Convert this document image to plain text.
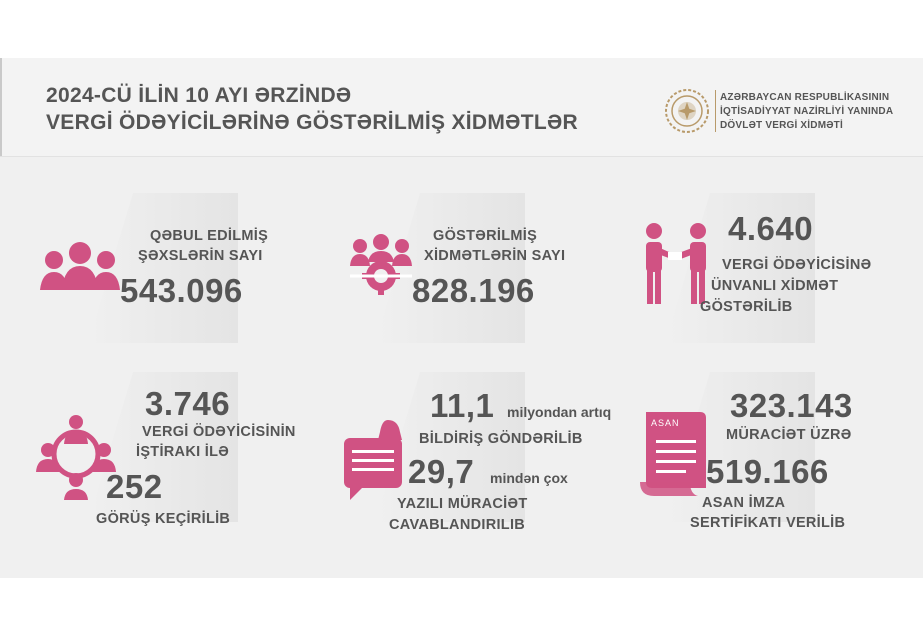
2024-CÜ İLİN 10 AYI ƏRZİNDƏ
VERGİ ÖDƏYİCİLƏRİNƏ GÖSTƏRİLMİŞ XİDMƏTLƏR
AZƏRBAYCAN RESPUBLİKASININ
İQTİSADİYYAT NAZİRLİYİ YANINDA
DÖVLƏT VERGİ XİDMƏTİ
QƏBUL EDİLMİŞ
ŞƏXSLƏRİN SAYI
543.096
GÖSTƏRİLMİŞ
XİDMƏTLƏRİN SAYI
828.196
4.640
VERGİ ÖDƏYİCİSİNƏ
ÜNVANLI XİDMƏT
GÖSTƏRİLİB
3.746
VERGİ ÖDƏYİCİSİNİN
İŞTİRAKI İLƏ
252
GÖRÜŞ KEÇİRİLİB
11,1 milyondan artıq
BİLDİRİŞ GÖNDƏRİLİB
29,7 mindən çox
YAZILI MÜRACİƏT
CAVABLANDIRILIB
ASAN 323.143
MÜRACİƏT ÜZRƏ
519.166
ASAN İMZA
SERTİFİKATI VERİLİB
